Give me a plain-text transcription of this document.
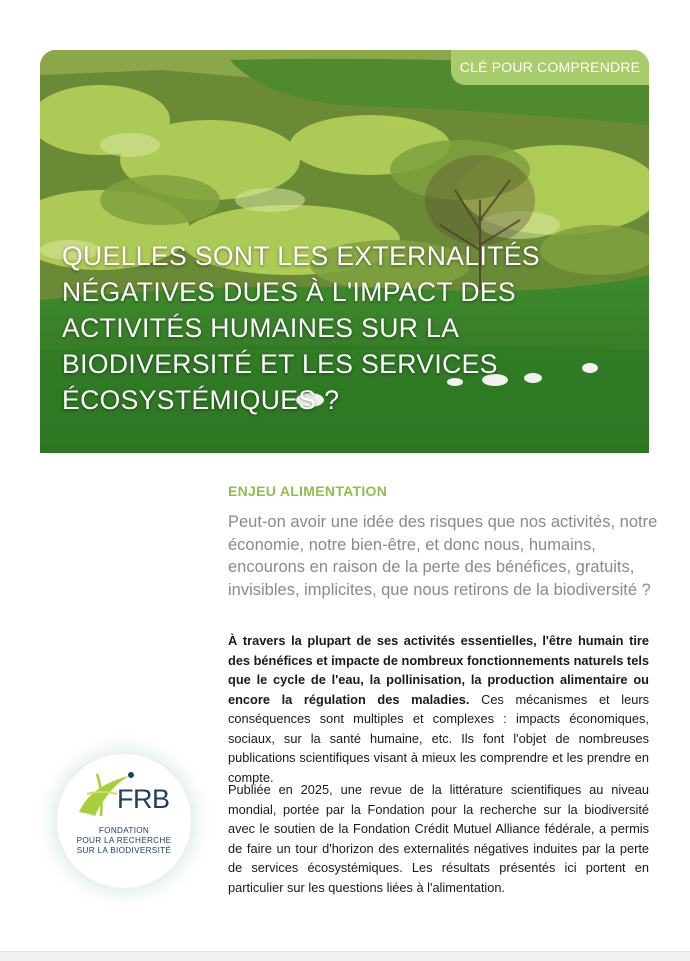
QUELLES SONT LES EXTERNALITÉS NÉGATIVES DUES À L'IMPACT DES ACTIVITÉS HUMAINES SUR LA BIODIVERSITÉ ET LES SERVICES ÉCOSYSTÉMIQUES ?
CLÉ POUR COMPRENDRE
ENJEU ALIMENTATION
Peut-on avoir une idée des risques que nos activités, notre économie, notre bien-être, et donc nous, humains, encourons en raison de la perte des bénéfices, gratuits, invisibles, implicites, que nous retirons de la biodiversité ?

À travers la plupart de ses activités essentielles, l'être humain tire des bénéfices et impacte de nombreux fonctionnements naturels tels que le cycle de l'eau, la pollinisation, la production alimentaire ou encore la régulation des maladies. Ces mécanismes et leurs conséquences sont multiples et complexes : impacts économiques, sociaux, sur la santé humaine, etc. Ils font l'objet de nombreuses publications scientifiques visant à mieux les comprendre et les prendre en compte.

Publiée en 2025, une revue de la littérature scientifiques au niveau mondial, portée par la Fondation pour la recherche sur la biodiversité avec le soutien de la Fondation Crédit Mutuel Alliance fédérale, a permis de faire un tour d'horizon des externalités négatives induites par la perte de services écosystémiques. Les résultats présentés ici portent en particulier sur les questions liées à l'alimentation.

FRB
FONDATION
POUR LA RECHERCHE
SUR LA BIODIVERSITÉ
